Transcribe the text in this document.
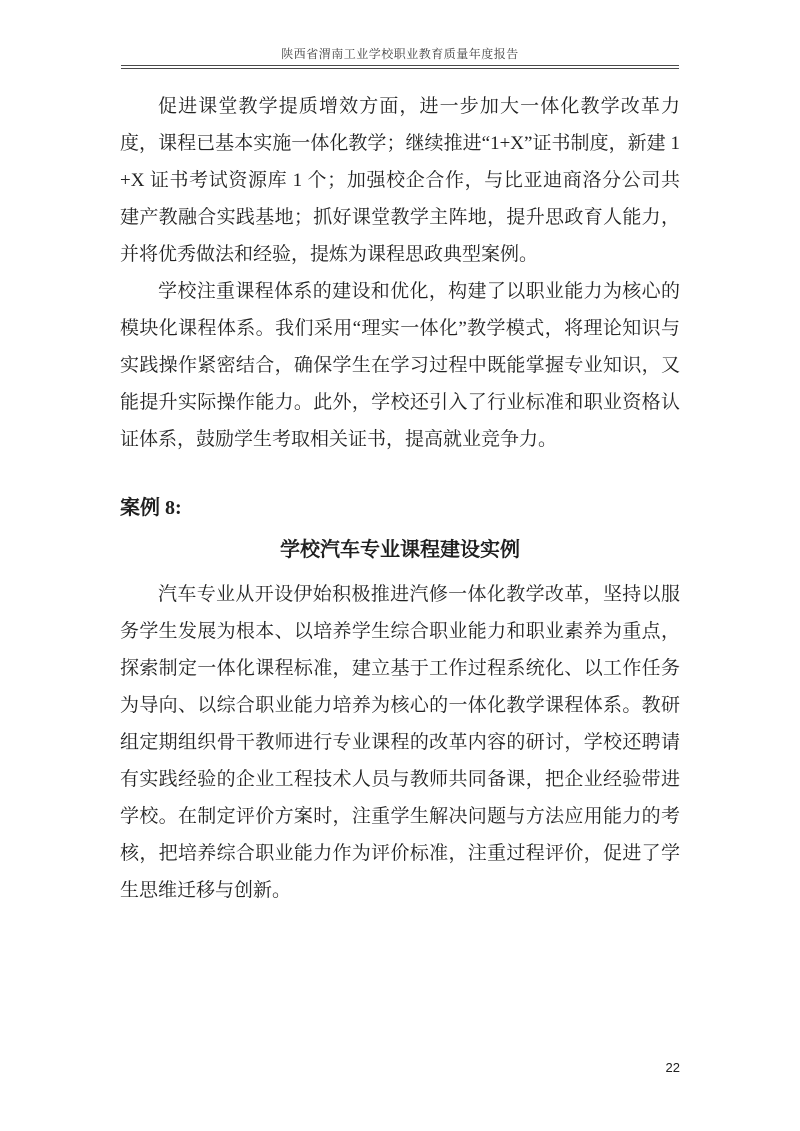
陕西省渭南工业学校职业教育质量年度报告

促进课堂教学提质增效方面，进一步加大一体化教学改革力度，课程已基本实施一体化教学；继续推进“1+X”证书制度，新建 1+X 证书考试资源库 1 个；加强校企合作，与比亚迪商洛分公司共建产教融合实践基地；抓好课堂教学主阵地，提升思政育人能力，并将优秀做法和经验，提炼为课程思政典型案例。

学校注重课程体系的建设和优化，构建了以职业能力为核心的模块化课程体系。我们采用“理实一体化”教学模式，将理论知识与实践操作紧密结合，确保学生在学习过程中既能掌握专业知识，又能提升实际操作能力。此外，学校还引入了行业标准和职业资格认证体系，鼓励学生考取相关证书，提高就业竞争力。

案例 8:

学校汽车专业课程建设实例

汽车专业从开设伊始积极推进汽修一体化教学改革，坚持以服务学生发展为根本、以培养学生综合职业能力和职业素养为重点，探索制定一体化课程标准，建立基于工作过程系统化、以工作任务为导向、以综合职业能力培养为核心的一体化教学课程体系。教研组定期组织骨干教师进行专业课程的改革内容的研讨，学校还聘请有实践经验的企业工程技术人员与教师共同备课，把企业经验带进学校。在制定评价方案时，注重学生解决问题与方法应用能力的考核，把培养综合职业能力作为评价标准，注重过程评价，促进了学生思维迁移与创新。

22
